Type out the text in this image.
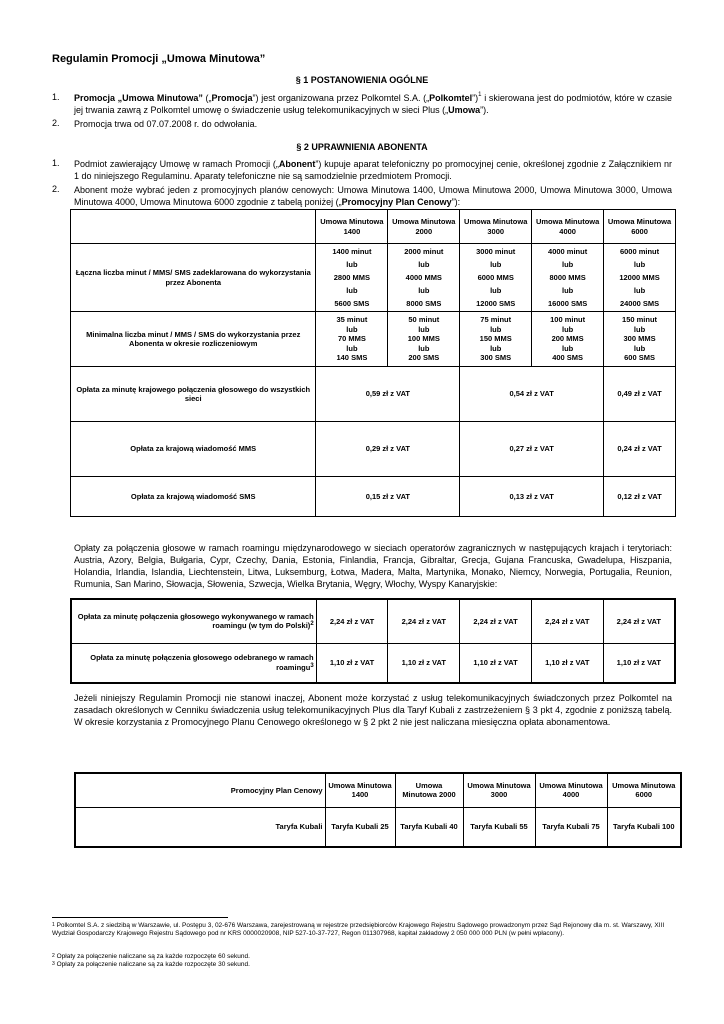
Regulamin Promocji „Umowa Minutowa”
§ 1 POSTANOWIENIA OGÓLNE
1. Promocja „Umowa Minutowa” („Promocja”) jest organizowana przez Polkomtel S.A. („Polkomtel”)$^1$ i skierowana jest do podmiotów, które w czasie jej trwania zawrą z Polkomtel umowę o świadczenie usług telekomunikacyjnych w sieci Plus („Umowa”).
2. Promocja trwa od 07.07.2008 r. do odwołania.
§ 2 UPRAWNIENIA ABONENTA
1. Podmiot zawierający Umowę w ramach Promocji („Abonent”) kupuje aparat telefoniczny po promocyjnej cenie, określonej zgodnie z Załącznikiem nr 1 do niniejszego Regulaminu. Aparaty telefoniczne nie są samodzielnie przedmiotem Promocji.
2. Abonent może wybrać jeden z promocyjnych planów cenowych: Umowa Minutowa 1400, Umowa Minutowa 2000, Umowa Minutowa 3000, Umowa Minutowa 4000, Umowa Minutowa 6000 zgodnie z tabelą poniżej („Promocyjny Plan Cenowy”):
	Umowa Minutowa 1400	Umowa Minutowa 2000	Umowa Minutowa 3000	Umowa Minutowa 4000	Umowa Minutowa 6000
Łączna liczba minut / MMS/ SMS zadeklarowana do wykorzystania przez Abonenta	1400 minut
lub
2800 MMS
lub
5600 SMS	2000 minut
lub
4000 MMS
lub
8000 SMS	3000 minut
lub
6000 MMS
lub
12000 SMS	4000 minut
lub
8000 MMS
lub
16000 SMS	6000 minut
lub
12000 MMS
lub
24000 SMS

Minimalna liczba minut / MMS / SMS do wykorzystania przez Abonenta w okresie rozliczeniowym	35 minut
lub
70 MMS
lub
140 SMS	50 minut
lub
100 MMS
lub
200 SMS	75 minut
lub
150 MMS
lub
300 SMS	100 minut
lub
200 MMS
lub
400 SMS	150 minut
lub
300 MMS
lub
600 SMS
Opłata za minutę krajowego połączenia głosowego do wszystkich sieci	0,59 zł z VAT		0,54 zł z VAT		0,49 zł z VAT
Opłata za krajową wiadomość MMS	0,29 zł z VAT		0,27 zł z VAT		0,24 zł z VAT
Opłata za krajową wiadomość SMS	0,15 zł z VAT		0,13 zł z VAT		0,12 zł z VAT
Opłaty za połączenia głosowe w ramach roamingu międzynarodowego w sieciach operatorów zagranicznych w następujących krajach i terytoriach: Austria, Azory, Belgia, Bułgaria, Cypr, Czechy, Dania, Estonia, Finlandia, Francja, Gibraltar, Grecja, Gujana Francuska, Gwadelupa, Hiszpania, Holandia, Irlandia, Islandia, Liechtenstein, Litwa, Luksemburg, Łotwa, Madera, Malta, Martynika, Monako, Niemcy, Norwegia, Portugalia, Reunion, Rumunia, San Marino, Słowacja, Słowenia, Szwecja, Wielka Brytania, Węgry, Włochy, Wyspy Kanaryjskie:
Opłata za minutę połączenia głosowego wykonywanego w ramach roamingu (w tym do Polski)$^2$	2,24 zł z VAT	2,24 zł z VAT	2,24 zł z VAT	2,24 zł z VAT	2,24 zł z VAT
Opłata za minutę połączenia głosowego odebranego w ramach roamingu$^3$	1,10 zł z VAT	1,10 zł z VAT	1,10 zł z VAT	1,10 zł z VAT	1,10 zł z VAT
Jeżeli niniejszy Regulamin Promocji nie stanowi inaczej, Abonent może korzystać z usług telekomunikacyjnych świadczonych przez Polkomtel na zasadach określonych w Cenniku świadczenia usług telekomunikacyjnych Plus dla Taryf Kubali z zastrzeżeniem § 3 pkt 4, zgodnie z poniższą tabelą. W okresie korzystania z Promocyjnego Planu Cenowego określonego w § 2 pkt 2 nie jest naliczana miesięczna opłata abonamentowa.
Promocyjny Plan Cenowy	Umowa Minutowa 1400	Umowa Minutowa 2000	Umowa Minutowa 3000	Umowa Minutowa 4000	Umowa Minutowa 6000
Taryfa Kubali	Taryfa Kubali 25	Taryfa Kubali 40	Taryfa Kubali 55	Taryfa Kubali 75	Taryfa Kubali 100
$^1$ Polkomtel S.A. z siedzibą w Warszawie, ul. Postępu 3, 02-676 Warszawa, zarejestrowaną w rejestrze przedsiębiorców Krajowego Rejestru Sądowego prowadzonym przez Sąd Rejonowy dla m. st. Warszawy, XIII Wydział Gospodarczy Krajowego Rejestru Sądowego pod nr KRS 0000020908, NIP 527-10-37-727, Regon 011307968, kapitał zakładowy 2 050 000 000 PLN (w pełni wpłacony).
$^2$ Opłaty za połączenie naliczane są za każde rozpoczęte 60 sekund.
$^3$ Opłaty za połączenie naliczane są za każde rozpoczęte 30 sekund.
